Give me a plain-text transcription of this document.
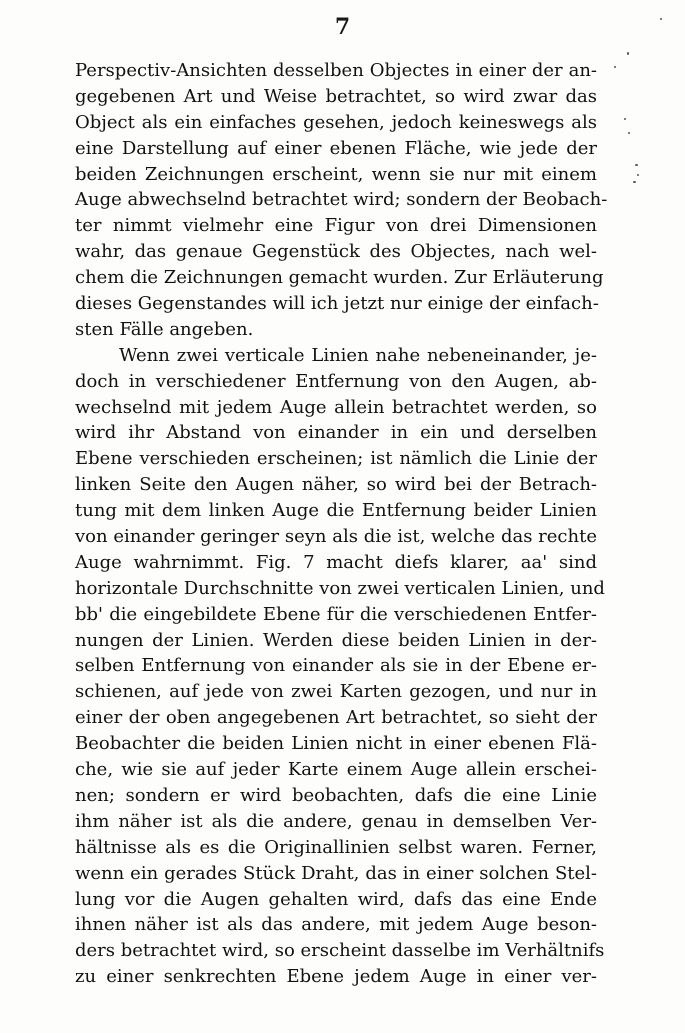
7
Perspectiv-Ansichten desselben Objectes in einer der an-
gegebenen Art und Weise betrachtet, so wird zwar das
Object als ein einfaches gesehen, jedoch keineswegs als
eine Darstellung auf einer ebenen Fläche, wie jede der
beiden Zeichnungen erscheint, wenn sie nur mit einem
Auge abwechselnd betrachtet wird; sondern der Beobach-
ter nimmt vielmehr eine Figur von drei Dimensionen
wahr, das genaue Gegenstück des Objectes, nach wel-
chem die Zeichnungen gemacht wurden. Zur Erläuterung
dieses Gegenstandes will ich jetzt nur einige der einfach-
sten Fälle angeben.
Wenn zwei verticale Linien nahe nebeneinander, je-
doch in verschiedener Entfernung von den Augen, ab-
wechselnd mit jedem Auge allein betrachtet werden, so
wird ihr Abstand von einander in ein und derselben
Ebene verschieden erscheinen; ist nämlich die Linie der
linken Seite den Augen näher, so wird bei der Betrach-
tung mit dem linken Auge die Entfernung beider Linien
von einander geringer seyn als die ist, welche das rechte
Auge wahrnimmt. Fig. 7 macht diefs klarer, aa' sind
horizontale Durchschnitte von zwei verticalen Linien, und
bb' die eingebildete Ebene für die verschiedenen Entfer-
nungen der Linien. Werden diese beiden Linien in der-
selben Entfernung von einander als sie in der Ebene er-
schienen, auf jede von zwei Karten gezogen, und nur in
einer der oben angegebenen Art betrachtet, so sieht der
Beobachter die beiden Linien nicht in einer ebenen Flä-
che, wie sie auf jeder Karte einem Auge allein erschei-
nen; sondern er wird beobachten, dafs die eine Linie
ihm näher ist als die andere, genau in demselben Ver-
hältnisse als es die Originallinien selbst waren. Ferner,
wenn ein gerades Stück Draht, das in einer solchen Stel-
lung vor die Augen gehalten wird, dafs das eine Ende
ihnen näher ist als das andere, mit jedem Auge beson-
ders betrachtet wird, so erscheint dasselbe im Verhältnifs
zu einer senkrechten Ebene jedem Auge in einer ver-
